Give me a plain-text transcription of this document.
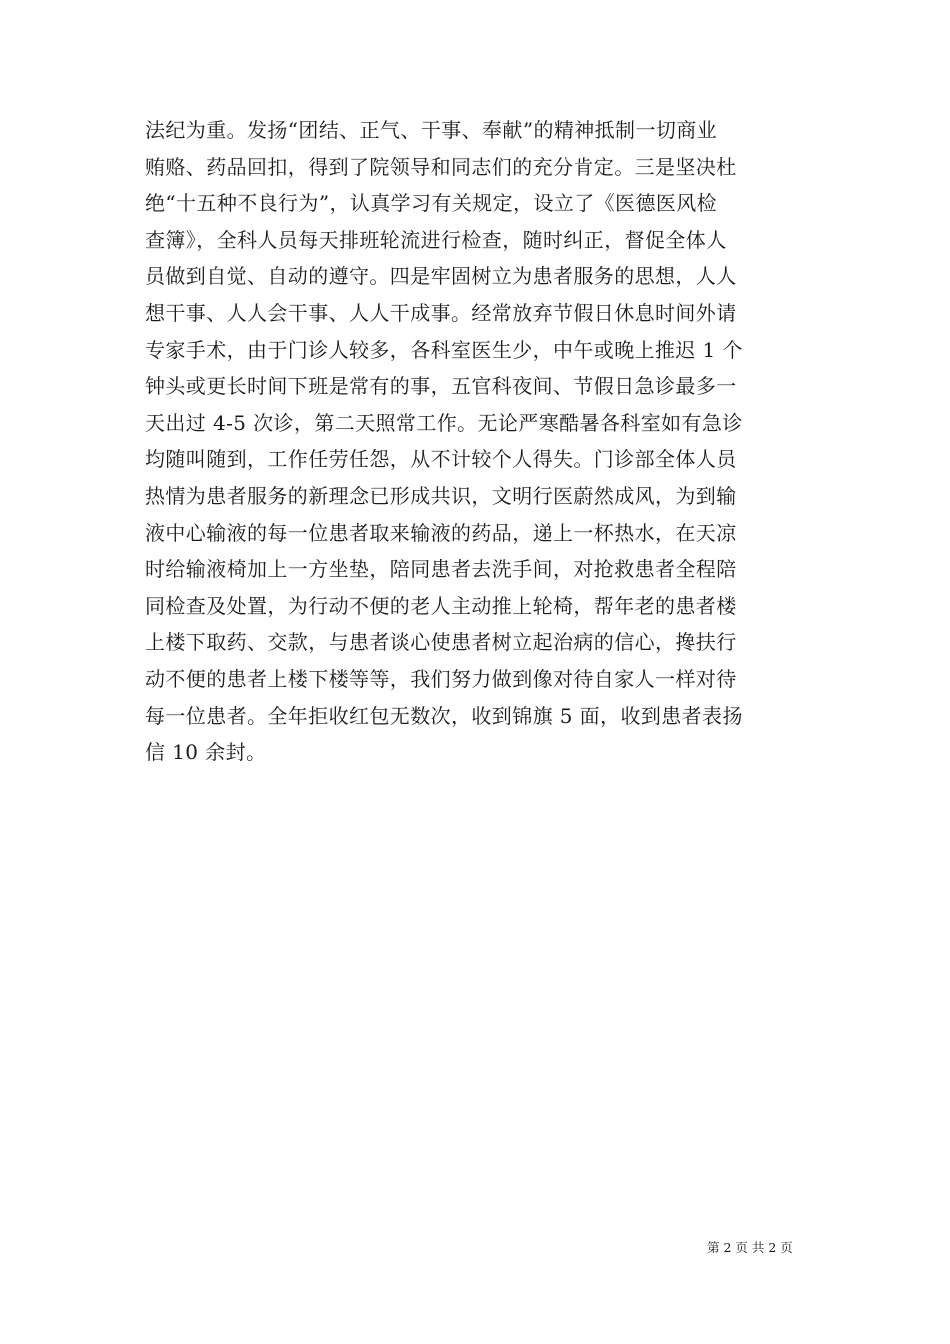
法纪为重。发扬“团结、正气、干事、奉献”的精神抵制一切商业
贿赂、药品回扣，得到了院领导和同志们的充分肯定。三是坚决杜
绝“十五种不良行为”，认真学习有关规定，设立了《医德医风检
查簿》，全科人员每天排班轮流进行检查，随时纠正，督促全体人
员做到自觉、自动的遵守。四是牢固树立为患者服务的思想，人人
想干事、人人会干事、人人干成事。经常放弃节假日休息时间外请
专家手术，由于门诊人较多，各科室医生少，中午或晚上推迟 1 个
钟头或更长时间下班是常有的事，五官科夜间、节假日急诊最多一
天出过 4-5 次诊，第二天照常工作。无论严寒酷暑各科室如有急诊
均随叫随到，工作任劳任怨，从不计较个人得失。门诊部全体人员
热情为患者服务的新理念已形成共识，文明行医蔚然成风，为到输
液中心输液的每一位患者取来输液的药品，递上一杯热水，在天凉
时给输液椅加上一方坐垫，陪同患者去洗手间，对抢救患者全程陪
同检查及处置，为行动不便的老人主动推上轮椅，帮年老的患者楼
上楼下取药、交款，与患者谈心使患者树立起治病的信心，搀扶行
动不便的患者上楼下楼等等，我们努力做到像对待自家人一样对待
每一位患者。全年拒收红包无数次，收到锦旗 5 面，收到患者表扬
信 10 余封。
第 2 页 共 2 页
